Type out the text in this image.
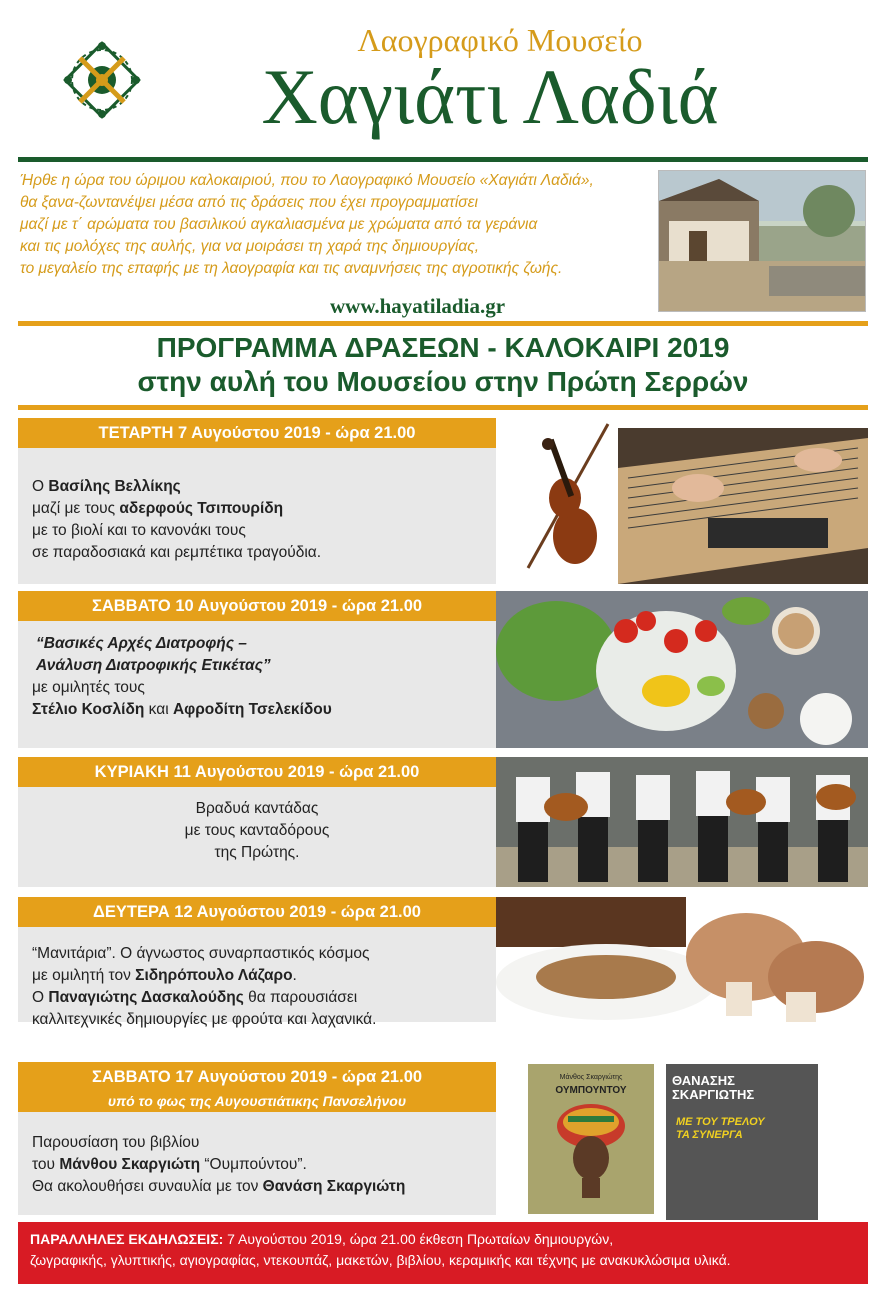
Λαογραφικό Μουσείο
Χαγιάτι Λαδιά
Ήρθε η ώρα του ώριμου καλοκαιριού, που το Λαογραφικό Μουσείο «Χαγιάτι Λαδιά»,
θα ξανα-ζωντανέψει μέσα από τις δράσεις που έχει προγραμματίσει
μαζί με τ΄ αρώματα του βασιλικού αγκαλιασμένα με χρώματα από τα γεράνια
και τις μολόχες της αυλής, για να μοιράσει τη χαρά της δημιουργίας,
το μεγαλείο της επαφής με τη λαογραφία και τις αναμνήσεις της αγροτικής ζωής.
www.hayatiladia.gr
ΠΡΟΓΡΑΜΜΑ ΔΡΑΣΕΩΝ - ΚΑΛΟΚΑΙΡΙ 2019
στην αυλή του Μουσείου στην Πρώτη Σερρών
ΤΕΤΑΡΤΗ 7 Αυγούστου 2019 - ώρα 21.00
Ο Βασίλης Βελλίκης
μαζί με τους αδερφούς Τσιπουρίδη
με το βιολί και το κανονάκι τους
σε παραδοσιακά και ρεμπέτικα τραγούδια.
ΣΑΒΒΑΤΟ 10 Αυγούστου 2019 - ώρα 21.00
“Βασικές Αρχές Διατροφής –
Ανάλυση Διατροφικής Ετικέτας”
με ομιλητές τους
Στέλιο Κοσλίδη και Αφροδίτη Τσελεκίδου
ΚΥΡΙΑΚΗ 11 Αυγούστου 2019 - ώρα 21.00
Βραδυά καντάδας
με τους κανταδόρους
της Πρώτης.
ΔΕΥΤΕΡΑ 12 Αυγούστου 2019 - ώρα 21.00
“Μανιτάρια”. Ο άγνωστος συναρπαστικός κόσμος
με ομιλητή τον Σιδηρόπουλο Λάζαρο.
Ο Παναγιώτης Δασκαλούδης θα παρουσιάσει
καλλιτεχνικές δημιουργίες με φρούτα και λαχανικά.
ΣΑΒΒΑΤΟ 17 Αυγούστου 2019 - ώρα 21.00
υπό το φως της Αυγουστιάτικης Πανσελήνου
Παρουσίαση του βιβλίου
του Μάνθου Σκαργιώτη “Ουμπούντου”.
Θα ακολουθήσει συναυλία με τον Θανάση Σκαργιώτη
Μάνθος Σκαργιώτης
ΟΥΜΠΟΥΝΤΟΥ
ΘΑΝΑΣΗΣ
ΣΚΑΡΓΙΩΤΗΣ
ΜΕ ΤΟΥ ΤΡΕΛΟΥ
ΤΑ ΣΥΝΕΡΓΑ
ΠΑΡΑΛΛΗΛΕΣ ΕΚΔΗΛΩΣΕΙΣ: 7 Αυγούστου 2019, ώρα 21.00 έκθεση Πρωταίων δημιουργών,
ζωγραφικής, γλυπτικής, αγιογραφίας, ντεκουπάζ, μακετών, βιβλίου, κεραμικής και τέχνης με ανακυκλώσιμα υλικά.
